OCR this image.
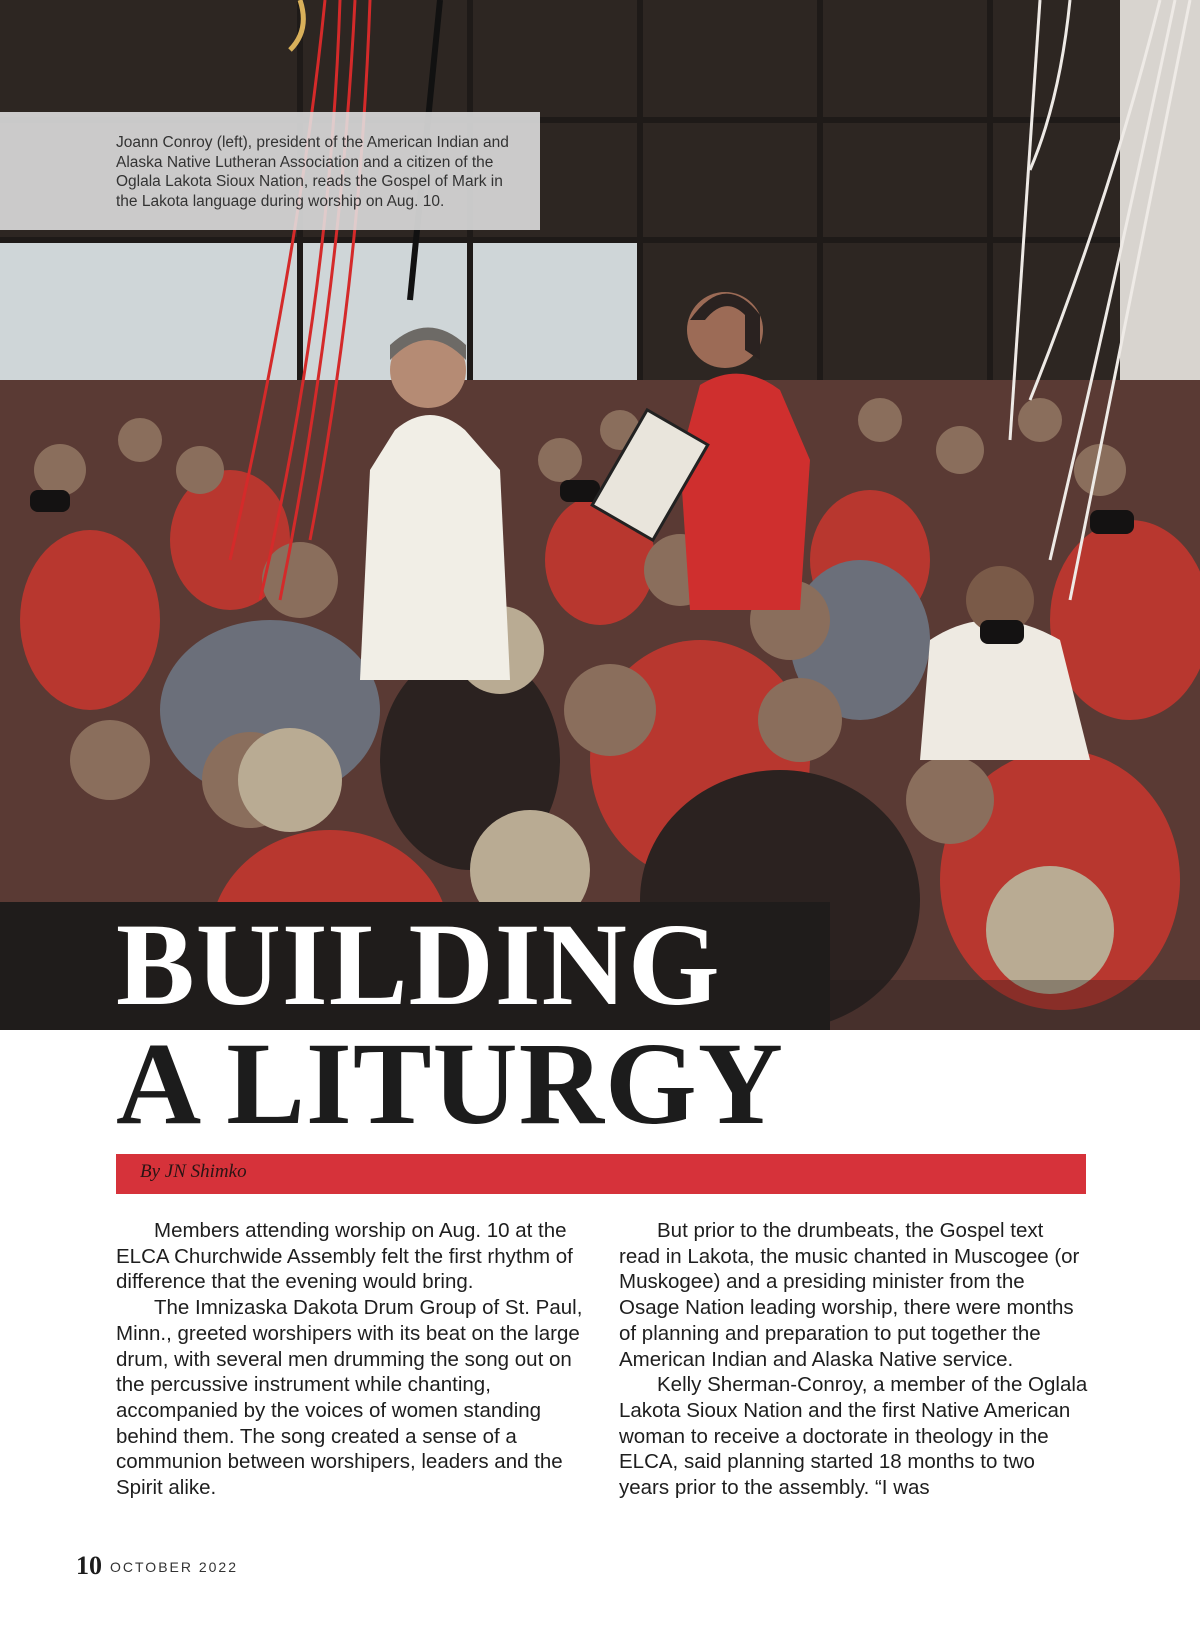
Joann Conroy (left), president of the American Indian and Alaska Native Lutheran Association and a citizen of the Oglala Lakota Sioux Nation, reads the Gospel of Mark in the Lakota language during worship on Aug. 10.
BUILDING
A LITURGY
By JN Shimko

Members attending worship on Aug. 10 at the ELCA Churchwide Assembly felt the first rhythm of difference that the evening would bring.

The Imnizaska Dakota Drum Group of St. Paul, Minn., greeted worshipers with its beat on the large drum, with several men drumming the song out on the percussive instrument while chanting, accompanied by the voices of women standing behind them. The song created a sense of a communion between worshipers, leaders and the Spirit alike.

But prior to the drumbeats, the Gospel text read in Lakota, the music chanted in Muscogee (or Muskogee) and a presiding minister from the Osage Nation leading worship, there were months of planning and preparation to put together the American Indian and Alaska Native service.

Kelly Sherman-Conroy, a member of the Oglala Lakota Sioux Nation and the first Native American woman to receive a doctorate in theology in the ELCA, said planning started 18 months to two years prior to the assembly. “I was

10 OCTOBER 2022
